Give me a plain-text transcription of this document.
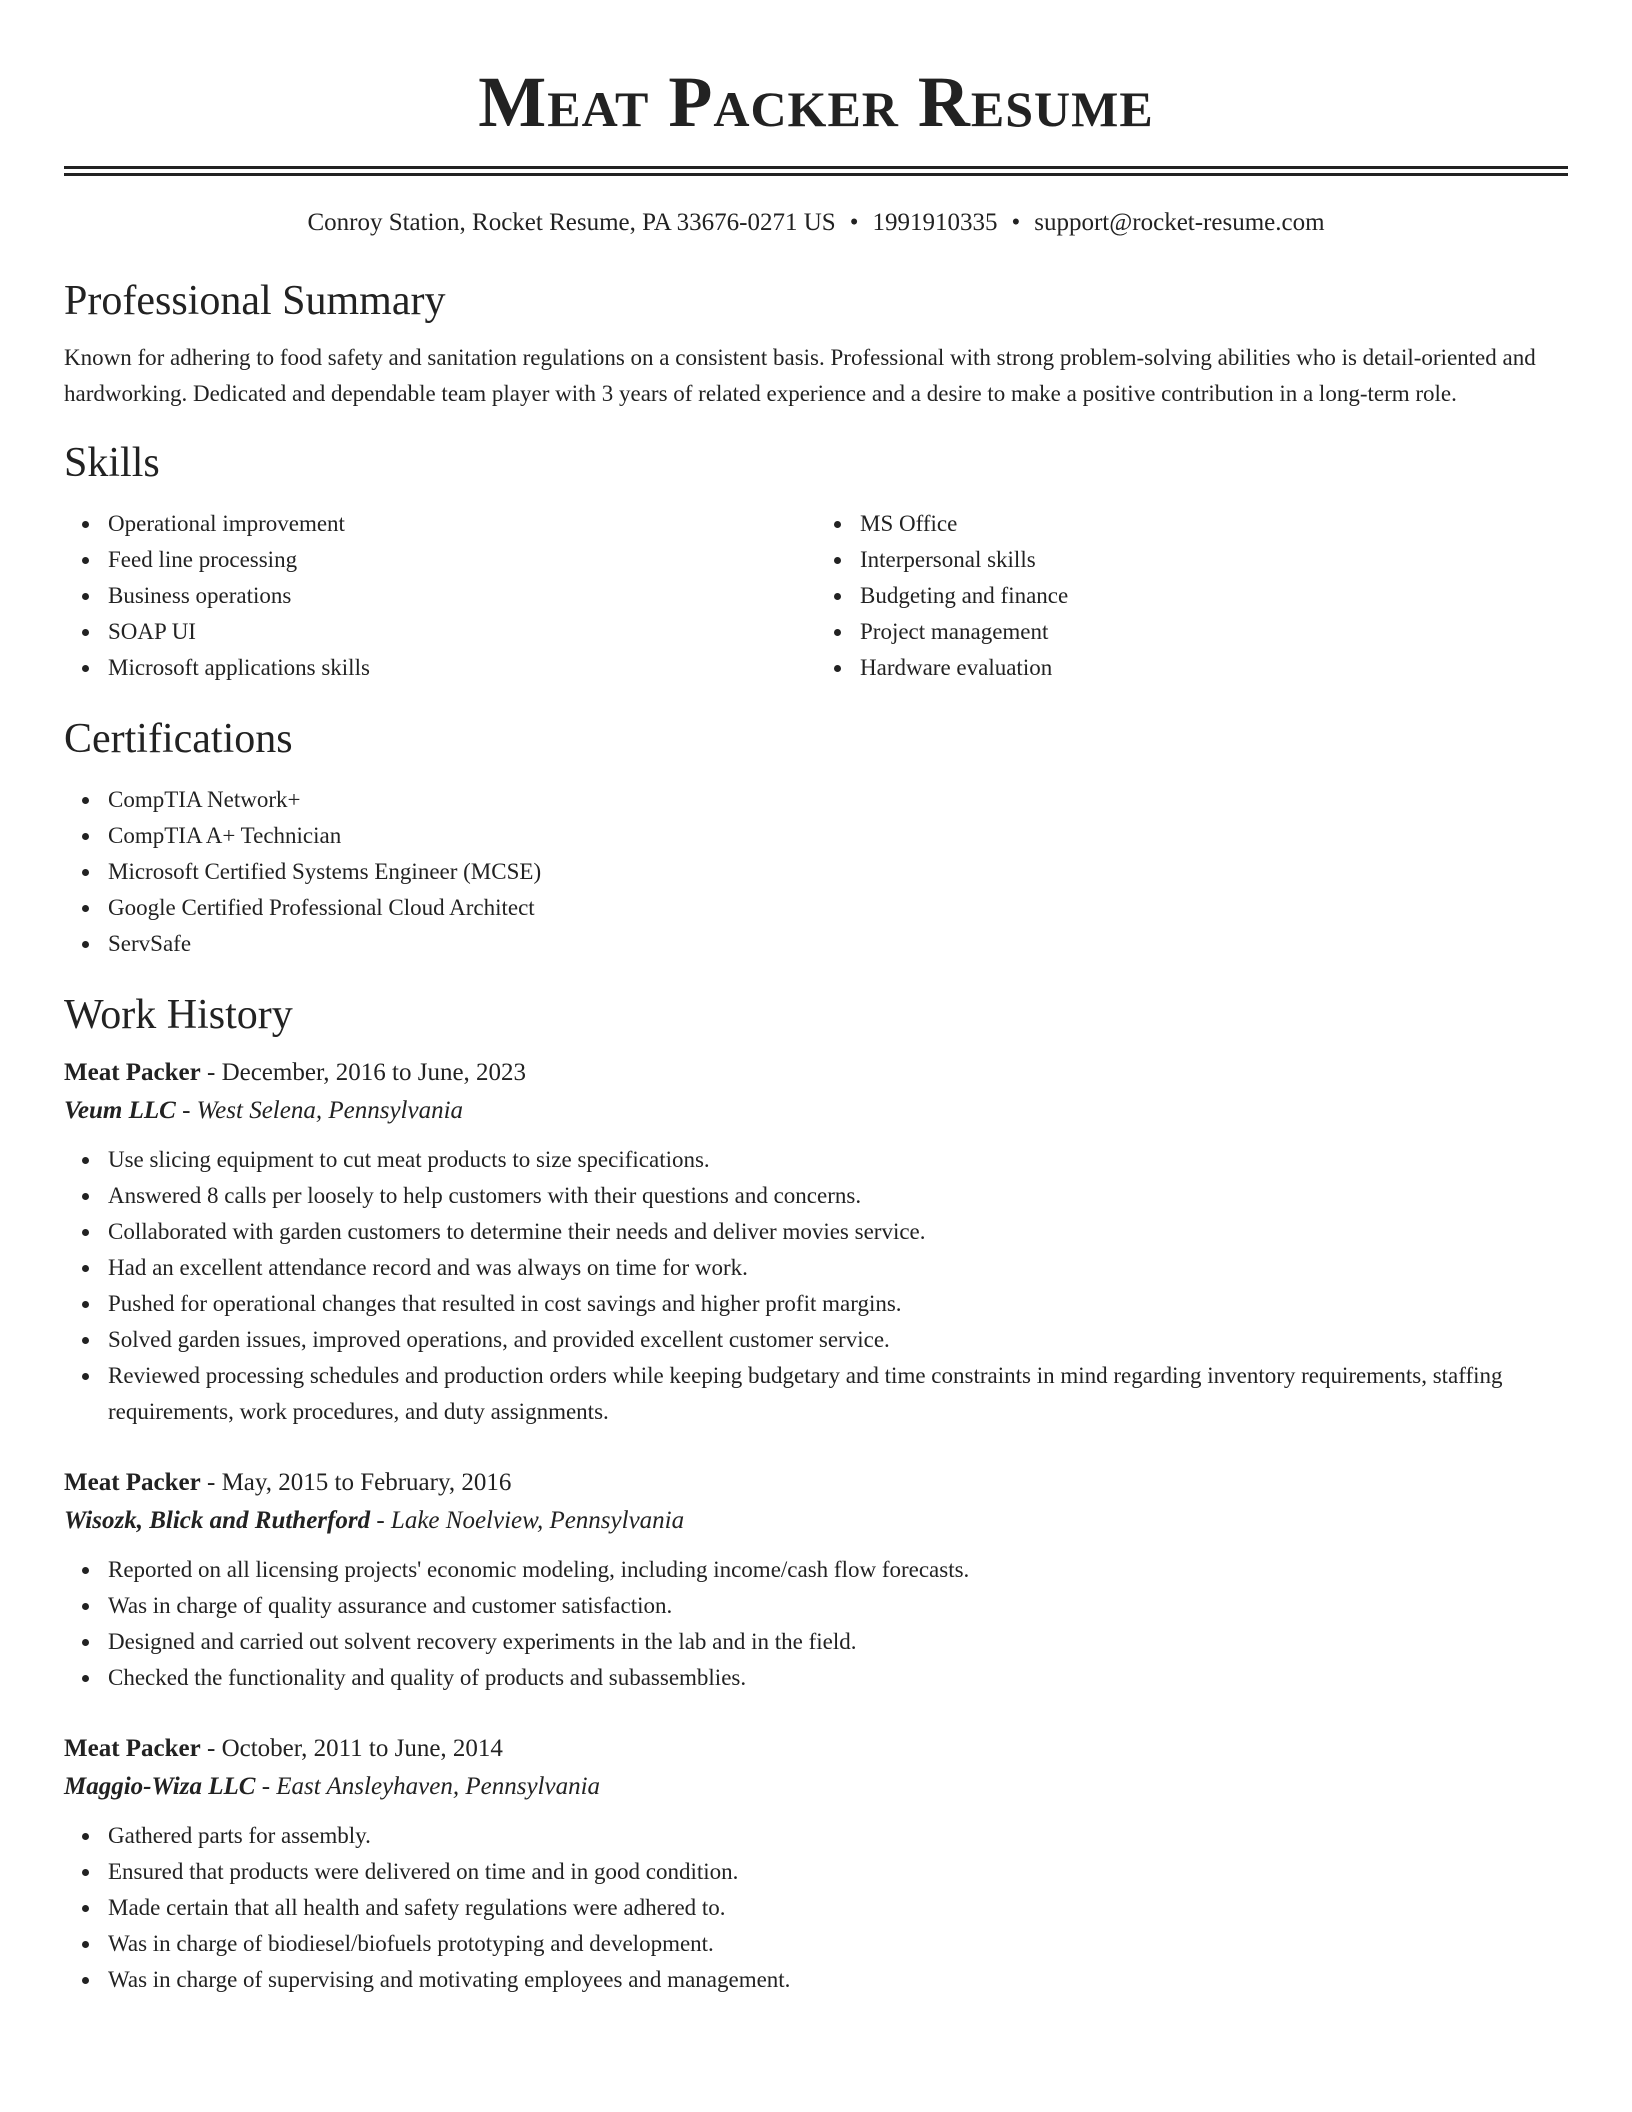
Meat Packer Resume
Conroy Station, Rocket Resume, PA 33676-0271 US • 1991910335 • support@rocket-resume.com
Professional Summary
Known for adhering to food safety and sanitation regulations on a consistent basis. Professional with strong problem-solving abilities who is detail-oriented and hardworking. Dedicated and dependable team player with 3 years of related experience and a desire to make a positive contribution in a long-term role.
Skills
Operational improvement
Feed line processing
Business operations
SOAP UI
Microsoft applications skills
MS Office
Interpersonal skills
Budgeting and finance
Project management
Hardware evaluation
Certifications
CompTIA Network+
CompTIA A+ Technician
Microsoft Certified Systems Engineer (MCSE)
Google Certified Professional Cloud Architect
ServSafe
Work History
Meat Packer - December, 2016 to June, 2023
Veum LLC - West Selena, Pennsylvania
Use slicing equipment to cut meat products to size specifications.
Answered 8 calls per loosely to help customers with their questions and concerns.
Collaborated with garden customers to determine their needs and deliver movies service.
Had an excellent attendance record and was always on time for work.
Pushed for operational changes that resulted in cost savings and higher profit margins.
Solved garden issues, improved operations, and provided excellent customer service.
Reviewed processing schedules and production orders while keeping budgetary and time constraints in mind regarding inventory requirements, staffing requirements, work procedures, and duty assignments.
Meat Packer - May, 2015 to February, 2016
Wisozk, Blick and Rutherford - Lake Noelview, Pennsylvania
Reported on all licensing projects' economic modeling, including income/cash flow forecasts.
Was in charge of quality assurance and customer satisfaction.
Designed and carried out solvent recovery experiments in the lab and in the field.
Checked the functionality and quality of products and subassemblies.
Meat Packer - October, 2011 to June, 2014
Maggio-Wiza LLC - East Ansleyhaven, Pennsylvania
Gathered parts for assembly.
Ensured that products were delivered on time and in good condition.
Made certain that all health and safety regulations were adhered to.
Was in charge of biodiesel/biofuels prototyping and development.
Was in charge of supervising and motivating employees and management.
